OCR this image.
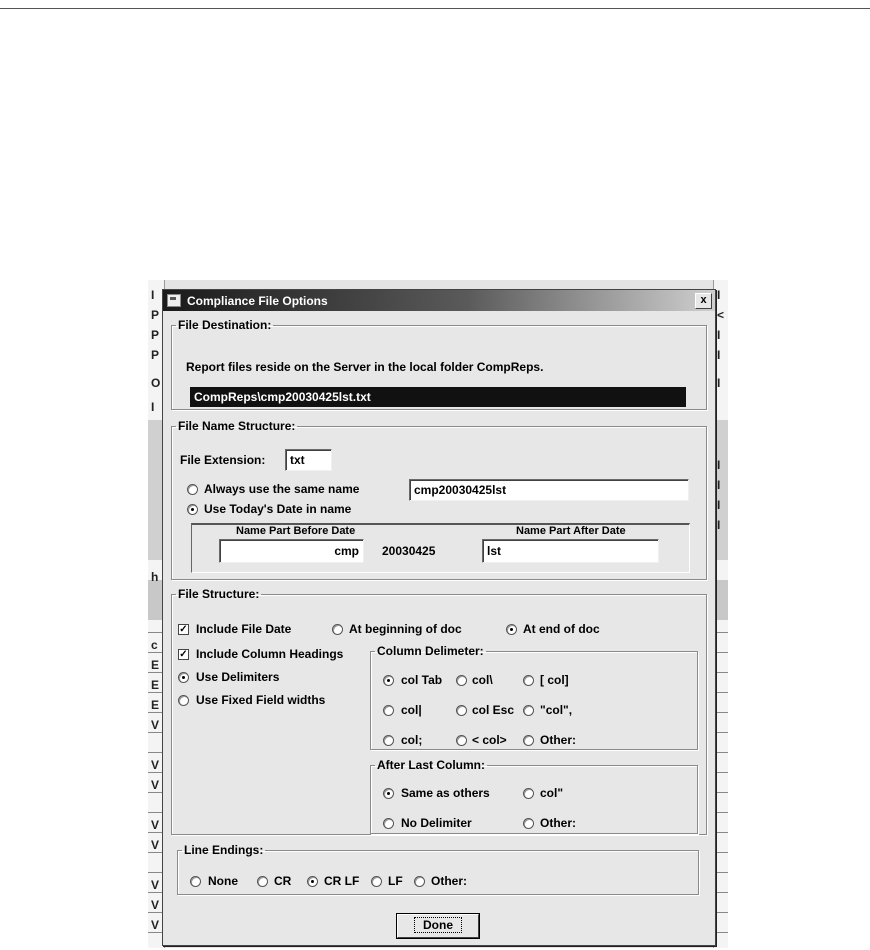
I
P
P
P
O
I
h
c
E
E
E
V
V
V
V
V
V
V
V
I
<
I
I
I
I
I
I
I
Compliance File Options	x
File Destination:
Report files reside on the Server in the local folder CompReps.
CompReps\cmp20030425lst.txt
File Name Structure:
File Extension:	txt
Always use the same name	cmp20030425lst
Use Today's Date in name
Name Part Before Date	Name Part After Date
cmp	20030425	lst
File Structure:
✓ Include File Date	At beginning of doc	At end of doc
✓ Include Column Headings
Use Delimiters
Use Fixed Field widths
Column Delimeter:
col Tab col\	[ col]
col|	col Esc "col",
col;	< col>	Other:
After Last Column:
Same as others	col"
No Delimiter	Other:
Line Endings:
None	CR	CR LF LF Other:
Done
